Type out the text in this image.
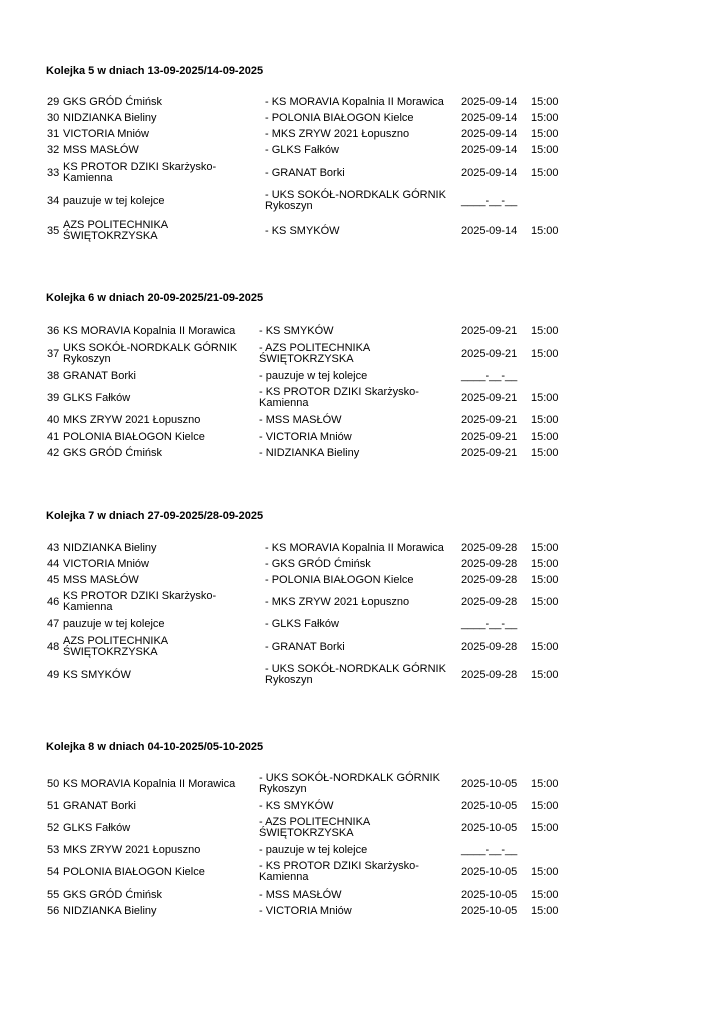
Kolejka 5 w dniach 13-09-2025/14-09-2025
29 GKS GRÓD Ćmińsk	- KS MORAVIA Kopalnia II Morawica	2025-09-14	15:00
30 NIDZIANKA Bieliny	- POLONIA BIAŁOGON Kielce	2025-09-14	15:00
31 VICTORIA Mniów	- MKS ZRYW 2021 Łopuszno	2025-09-14	15:00
32 MSS MASŁÓW	- GLKS Fałków	2025-09-14	15:00
33 KS PROTOR DZIKI Skarżysko-
Kamienna	- GRANAT Borki	2025-09-14	15:00
34 pauzuje w tej kolejce	- UKS SOKÓŁ-NORDKALK GÓRNIK
Rykoszyn	____-__-__
35 AZS POLITECHNIKA
ŚWIĘTOKRZYSKA	- KS SMYKÓW	2025-09-14	15:00
Kolejka 6 w dniach 20-09-2025/21-09-2025
36 KS MORAVIA Kopalnia II Morawica	- KS SMYKÓW	2025-09-21	15:00
37 UKS SOKÓŁ-NORDKALK GÓRNIK
Rykoszyn
- AZS POLITECHNIKA
ŚWIĘTOKRZYSKA	2025-09-21	15:00
38 GRANAT Borki	- pauzuje w tej kolejce	____-__-__
39 GLKS Fałków	- KS PROTOR DZIKI Skarżysko-
Kamienna	2025-09-21	15:00
40 MKS ZRYW 2021 Łopuszno	- MSS MASŁÓW	2025-09-21	15:00
41 POLONIA BIAŁOGON Kielce	- VICTORIA Mniów	2025-09-21	15:00
42 GKS GRÓD Ćmińsk	- NIDZIANKA Bieliny	2025-09-21	15:00
Kolejka 7 w dniach 27-09-2025/28-09-2025
43 NIDZIANKA Bieliny	- KS MORAVIA Kopalnia II Morawica	2025-09-28	15:00
44 VICTORIA Mniów	- GKS GRÓD Ćmińsk	2025-09-28	15:00
45 MSS MASŁÓW	- POLONIA BIAŁOGON Kielce	2025-09-28	15:00
46 KS PROTOR DZIKI Skarżysko-
Kamienna	- MKS ZRYW 2021 Łopuszno	2025-09-28	15:00
47 pauzuje w tej kolejce	- GLKS Fałków	____-__-__
48 AZS POLITECHNIKA
ŚWIĘTOKRZYSKA	- GRANAT Borki	2025-09-28	15:00
49 KS SMYKÓW	- UKS SOKÓŁ-NORDKALK GÓRNIK
Rykoszyn	2025-09-28	15:00
Kolejka 8 w dniach 04-10-2025/05-10-2025
50 KS MORAVIA Kopalnia II Morawica	- UKS SOKÓŁ-NORDKALK GÓRNIK
Rykoszyn	2025-10-05	15:00
51 GRANAT Borki	- KS SMYKÓW	2025-10-05	15:00
52 GLKS Fałków	- AZS POLITECHNIKA
ŚWIĘTOKRZYSKA	2025-10-05	15:00
53 MKS ZRYW 2021 Łopuszno	- pauzuje w tej kolejce	____-__-__
54 POLONIA BIAŁOGON Kielce	- KS PROTOR DZIKI Skarżysko-
Kamienna	2025-10-05	15:00
55 GKS GRÓD Ćmińsk	- MSS MASŁÓW	2025-10-05	15:00
56 NIDZIANKA Bieliny	- VICTORIA Mniów	2025-10-05	15:00
